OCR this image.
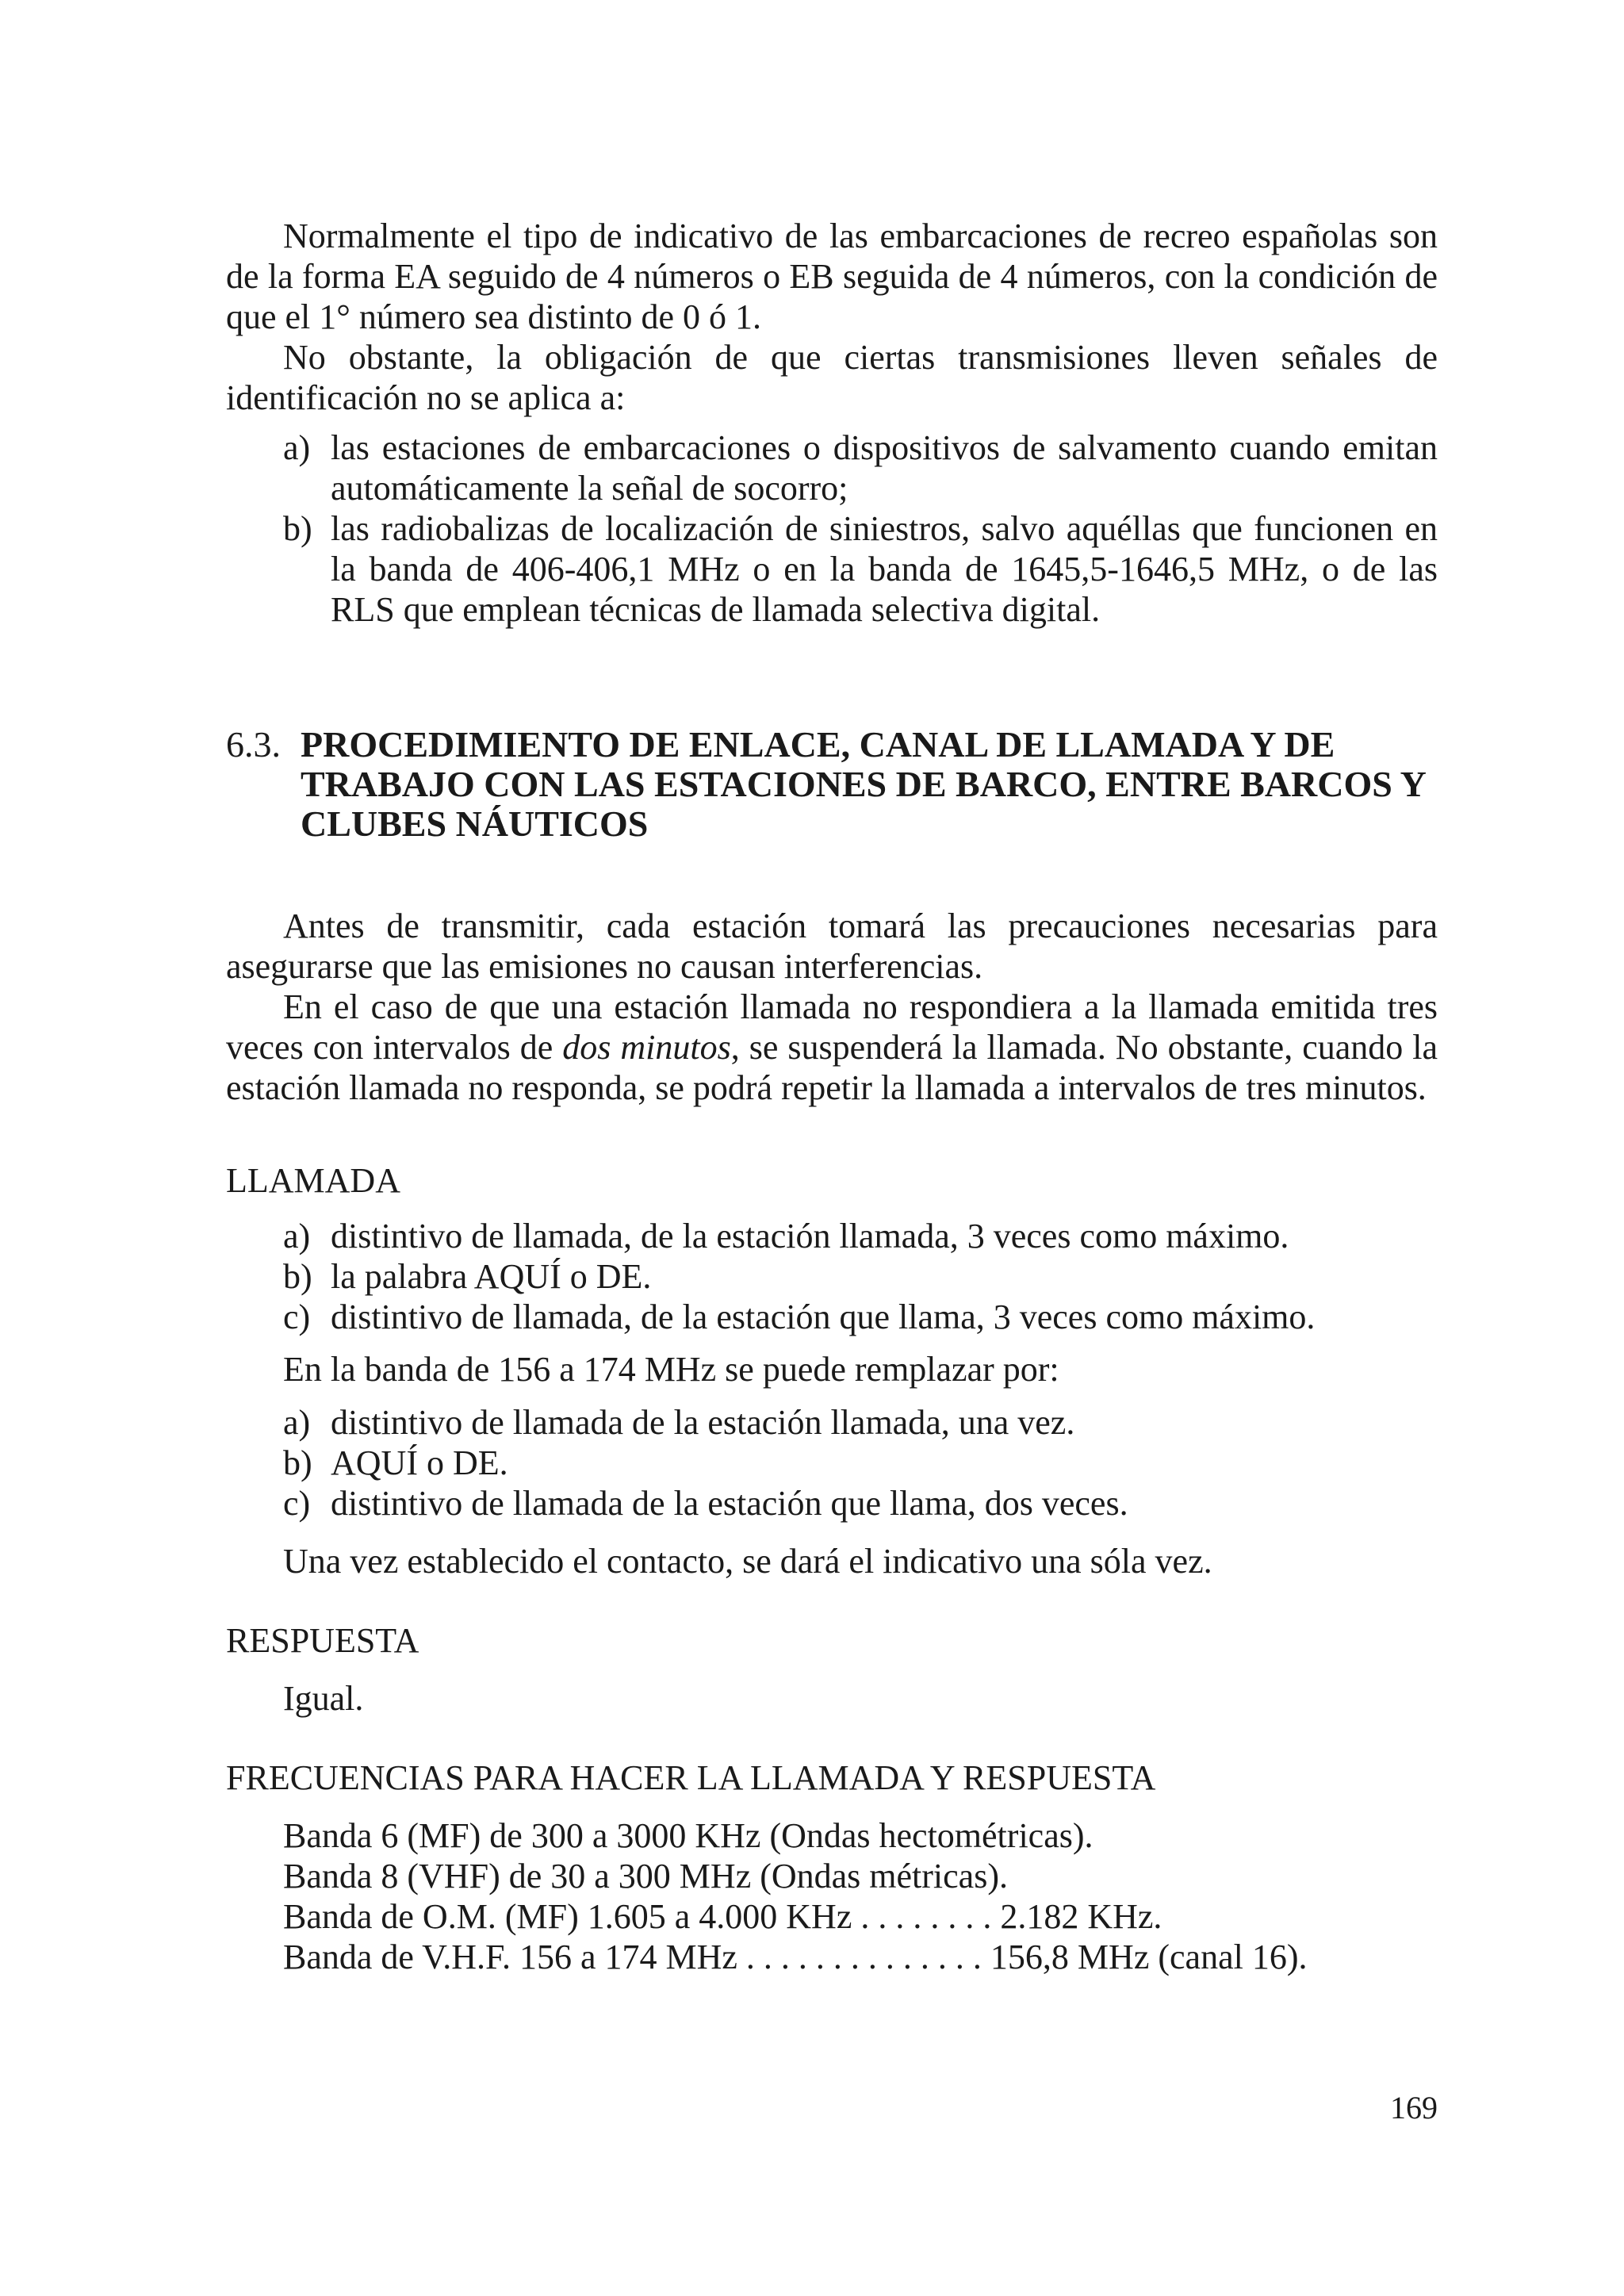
Normalmente el tipo de indicativo de las embarcaciones de recreo españolas son de la forma EA seguido de 4 números o EB seguida de 4 números, con la condición de que el 1° número sea distinto de 0 ó 1.

No obstante, la obligación de que ciertas transmisiones lleven señales de identificación no se aplica a:

a) las estaciones de embarcaciones o dispositivos de salvamento cuando emitan automáticamente la señal de socorro;
b) las radiobalizas de localización de siniestros, salvo aquéllas que funcionen en la banda de 406-406,1 MHz o en la banda de 1645,5-1646,5 MHz, o de las RLS que emplean técnicas de llamada selectiva digital.
6.3. PROCEDIMIENTO DE ENLACE, CANAL DE LLAMADA Y DE TRABAJO CON LAS ESTACIONES DE BARCO, ENTRE BARCOS Y CLUBES NÁUTICOS

Antes de transmitir, cada estación tomará las precauciones necesarias para asegurarse que las emisiones no causan interferencias.

En el caso de que una estación llamada no respondiera a la llamada emitida tres veces con intervalos de dos minutos, se suspenderá la llamada. No obstante, cuando la estación llamada no responda, se podrá repetir la llamada a intervalos de tres minutos.

LLAMADA

a) distintivo de llamada, de la estación llamada, 3 veces como máximo.
b) la palabra AQUÍ o DE.
c) distintivo de llamada, de la estación que llama, 3 veces como máximo.

En la banda de 156 a 174 MHz se puede remplazar por:

a) distintivo de llamada de la estación llamada, una vez.
b) AQUÍ o DE.
c) distintivo de llamada de la estación que llama, dos veces.

Una vez establecido el contacto, se dará el indicativo una sóla vez.

RESPUESTA

Igual.

FRECUENCIAS PARA HACER LA LLAMADA Y RESPUESTA

Banda 6 (MF) de 300 a 3000 KHz (Ondas hectométricas).

Banda 8 (VHF) de 30 a 300 MHz (Ondas métricas).

Banda de O.M. (MF) 1.605 a 4.000 KHz . . . . . . . . 2.182 KHz.

Banda de V.H.F. 156 a 174 MHz . . . . . . . . . . . . . . 156,8 MHz (canal 16).

169
